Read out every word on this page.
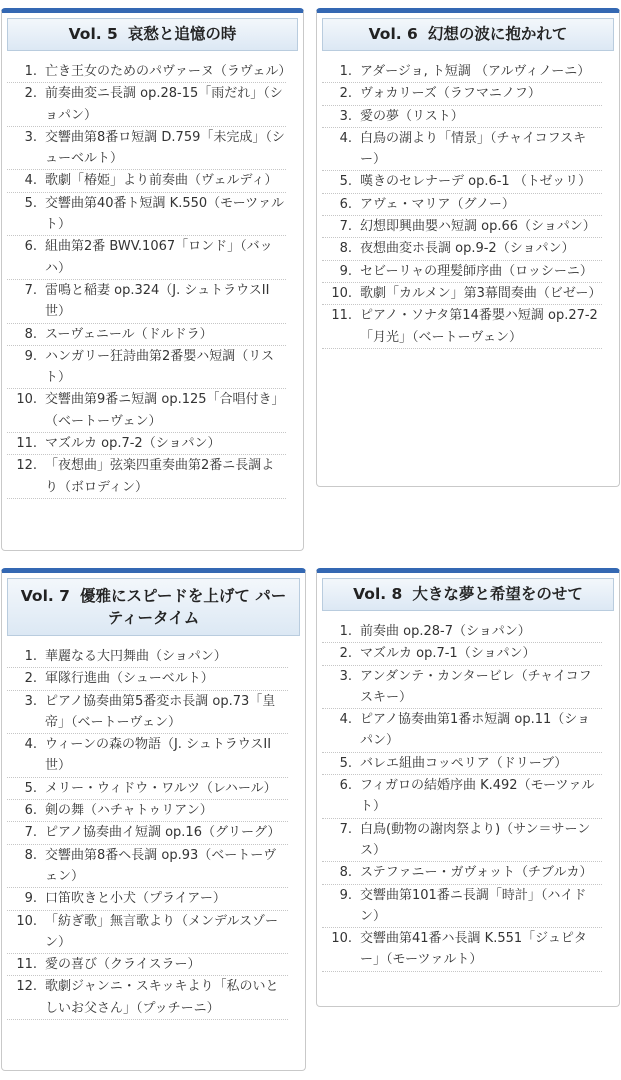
Vol. 5 哀愁と追憶の時
1. 亡き王女のためのパヴァーヌ（ラヴェル）
2. 前奏曲変ニ長調 op.28-15「雨だれ」（ショパン）
3. 交響曲第8番ロ短調 D.759「未完成」（シューベルト）
4. 歌劇「椿姫」より前奏曲（ヴェルディ）
5. 交響曲第40番ト短調 K.550（モーツァルト）
6. 組曲第2番 BWV.1067「ロンド」（バッハ）
7. 雷鳴と稲妻 op.324（J. シュトラウスII世）
8. スーヴェニール（ドルドラ）
9. ハンガリー狂詩曲第2番嬰ハ短調（リスト）
10. 交響曲第9番ニ短調 op.125「合唱付き」（ベートーヴェン）
11. マズルカ op.7-2（ショパン）
12. 「夜想曲」弦楽四重奏曲第2番ニ長調より（ボロディン）
Vol. 6 幻想の波に抱かれて
1. アダージョ, ト短調 （アルヴィノーニ）
2. ヴォカリーズ（ラフマニノフ）
3. 愛の夢（リスト）
4. 白鳥の湖より「情景」（チャイコフスキー）
5. 嘆きのセレナーデ op.6-1 （トゼッリ）
6. アヴェ・マリア（グノー）
7. 幻想即興曲嬰ハ短調 op.66（ショパン）
8. 夜想曲変ホ長調 op.9-2（ショパン）
9. セビーリャの理髪師序曲（ロッシーニ）
10. 歌劇「カルメン」第3幕間奏曲（ビゼー）
11. ピアノ・ソナタ第14番嬰ハ短調 op.27-2「月光」（ベートーヴェン）
Vol. 7 優雅にスピードを上げて パーティータイム
1. 華麗なる大円舞曲（ショパン）
2. 軍隊行進曲（シューベルト）
3. ピアノ協奏曲第5番変ホ長調 op.73「皇帝」（ベートーヴェン）
4. ウィーンの森の物語（J. シュトラウスII世）
5. メリー・ウィドウ・ワルツ（レハール）
6. 剣の舞（ハチャトゥリアン）
7. ピアノ協奏曲イ短調 op.16（グリーグ）
8. 交響曲第8番ヘ長調 op.93（ベートーヴェン）
9. 口笛吹きと小犬（プライアー）
10. 「紡ぎ歌」無言歌より（メンデルスゾーン）
11. 愛の喜び（クライスラー）
12. 歌劇ジャンニ・スキッキより「私のいとしいお父さん」（プッチーニ）
Vol. 8 大きな夢と希望をのせて
1. 前奏曲 op.28-7（ショパン）
2. マズルカ op.7-1（ショパン）
3. アンダンテ・カンタービレ（チャイコフスキー）
4. ピアノ協奏曲第1番ホ短調 op.11（ショパン）
5. バレエ組曲コッペリア（ドリーブ）
6. フィガロの結婚序曲 K.492（モーツァルト）
7. 白鳥(動物の謝肉祭より)（サン＝サーンス）
8. ステファニー・ガヴォット（チブルカ）
9. 交響曲第101番ニ長調「時計」（ハイドン）
10. 交響曲第41番ハ長調 K.551「ジュピター」（モーツァルト）
